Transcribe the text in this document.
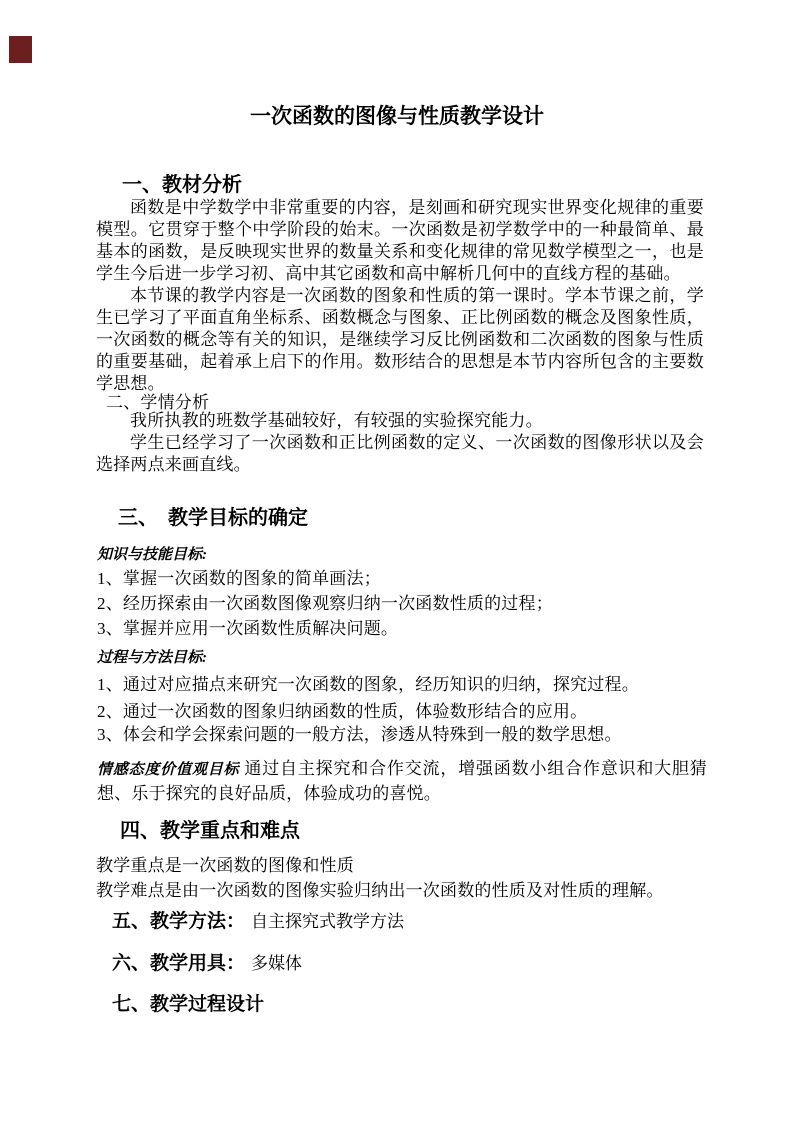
一次函数的图像与性质教学设计
一、教材分析

函数是中学数学中非常重要的内容，是刻画和研究现实世界变化规律的重要模型。它贯穿于整个中学阶段的始末。一次函数是初学数学中的一种最简单、最基本的函数，是反映现实世界的数量关系和变化规律的常见数学模型之一，也是学生今后进一步学习初、高中其它函数和高中解析几何中的直线方程的基础。

本节课的教学内容是一次函数的图象和性质的第一课时。学本节课之前，学生已学习了平面直角坐标系、函数概念与图象、正比例函数的概念及图象性质，一次函数的概念等有关的知识，是继续学习反比例函数和二次函数的图象与性质的重要基础，起着承上启下的作用。数形结合的思想是本节内容所包含的主要数学思想。

二、学情分析

我所执教的班数学基础较好，有较强的实验探究能力。

学生已经学习了一次函数和正比例函数的定义、一次函数的图像形状以及会选择两点来画直线。

三、　教学目标的确定

知识与技能目标:

1、掌握一次函数的图象的简单画法；

2、经历探索由一次函数图像观察归纳一次函数性质的过程；

3、掌握并应用一次函数性质解决问题。

过程与方法目标:

1、通过对应描点来研究一次函数的图象，经历知识的归纳，探究过程。

2、通过一次函数的图象归纳函数的性质，体验数形结合的应用。

3、体会和学会探索问题的一般方法，渗透从特殊到一般的数学思想。

情感态度价值观目标 通过自主探究和合作交流，增强函数小组合作意识和大胆猜想、乐于探究的良好品质，体验成功的喜悦。
四、教学重点和难点

教学重点是一次函数的图像和性质

教学难点是由一次函数的图像实验归纳出一次函数的性质及对性质的理解。

五、教学方法： 自主探究式教学方法
六、教学用具： 多媒体
七、教学过程设计
